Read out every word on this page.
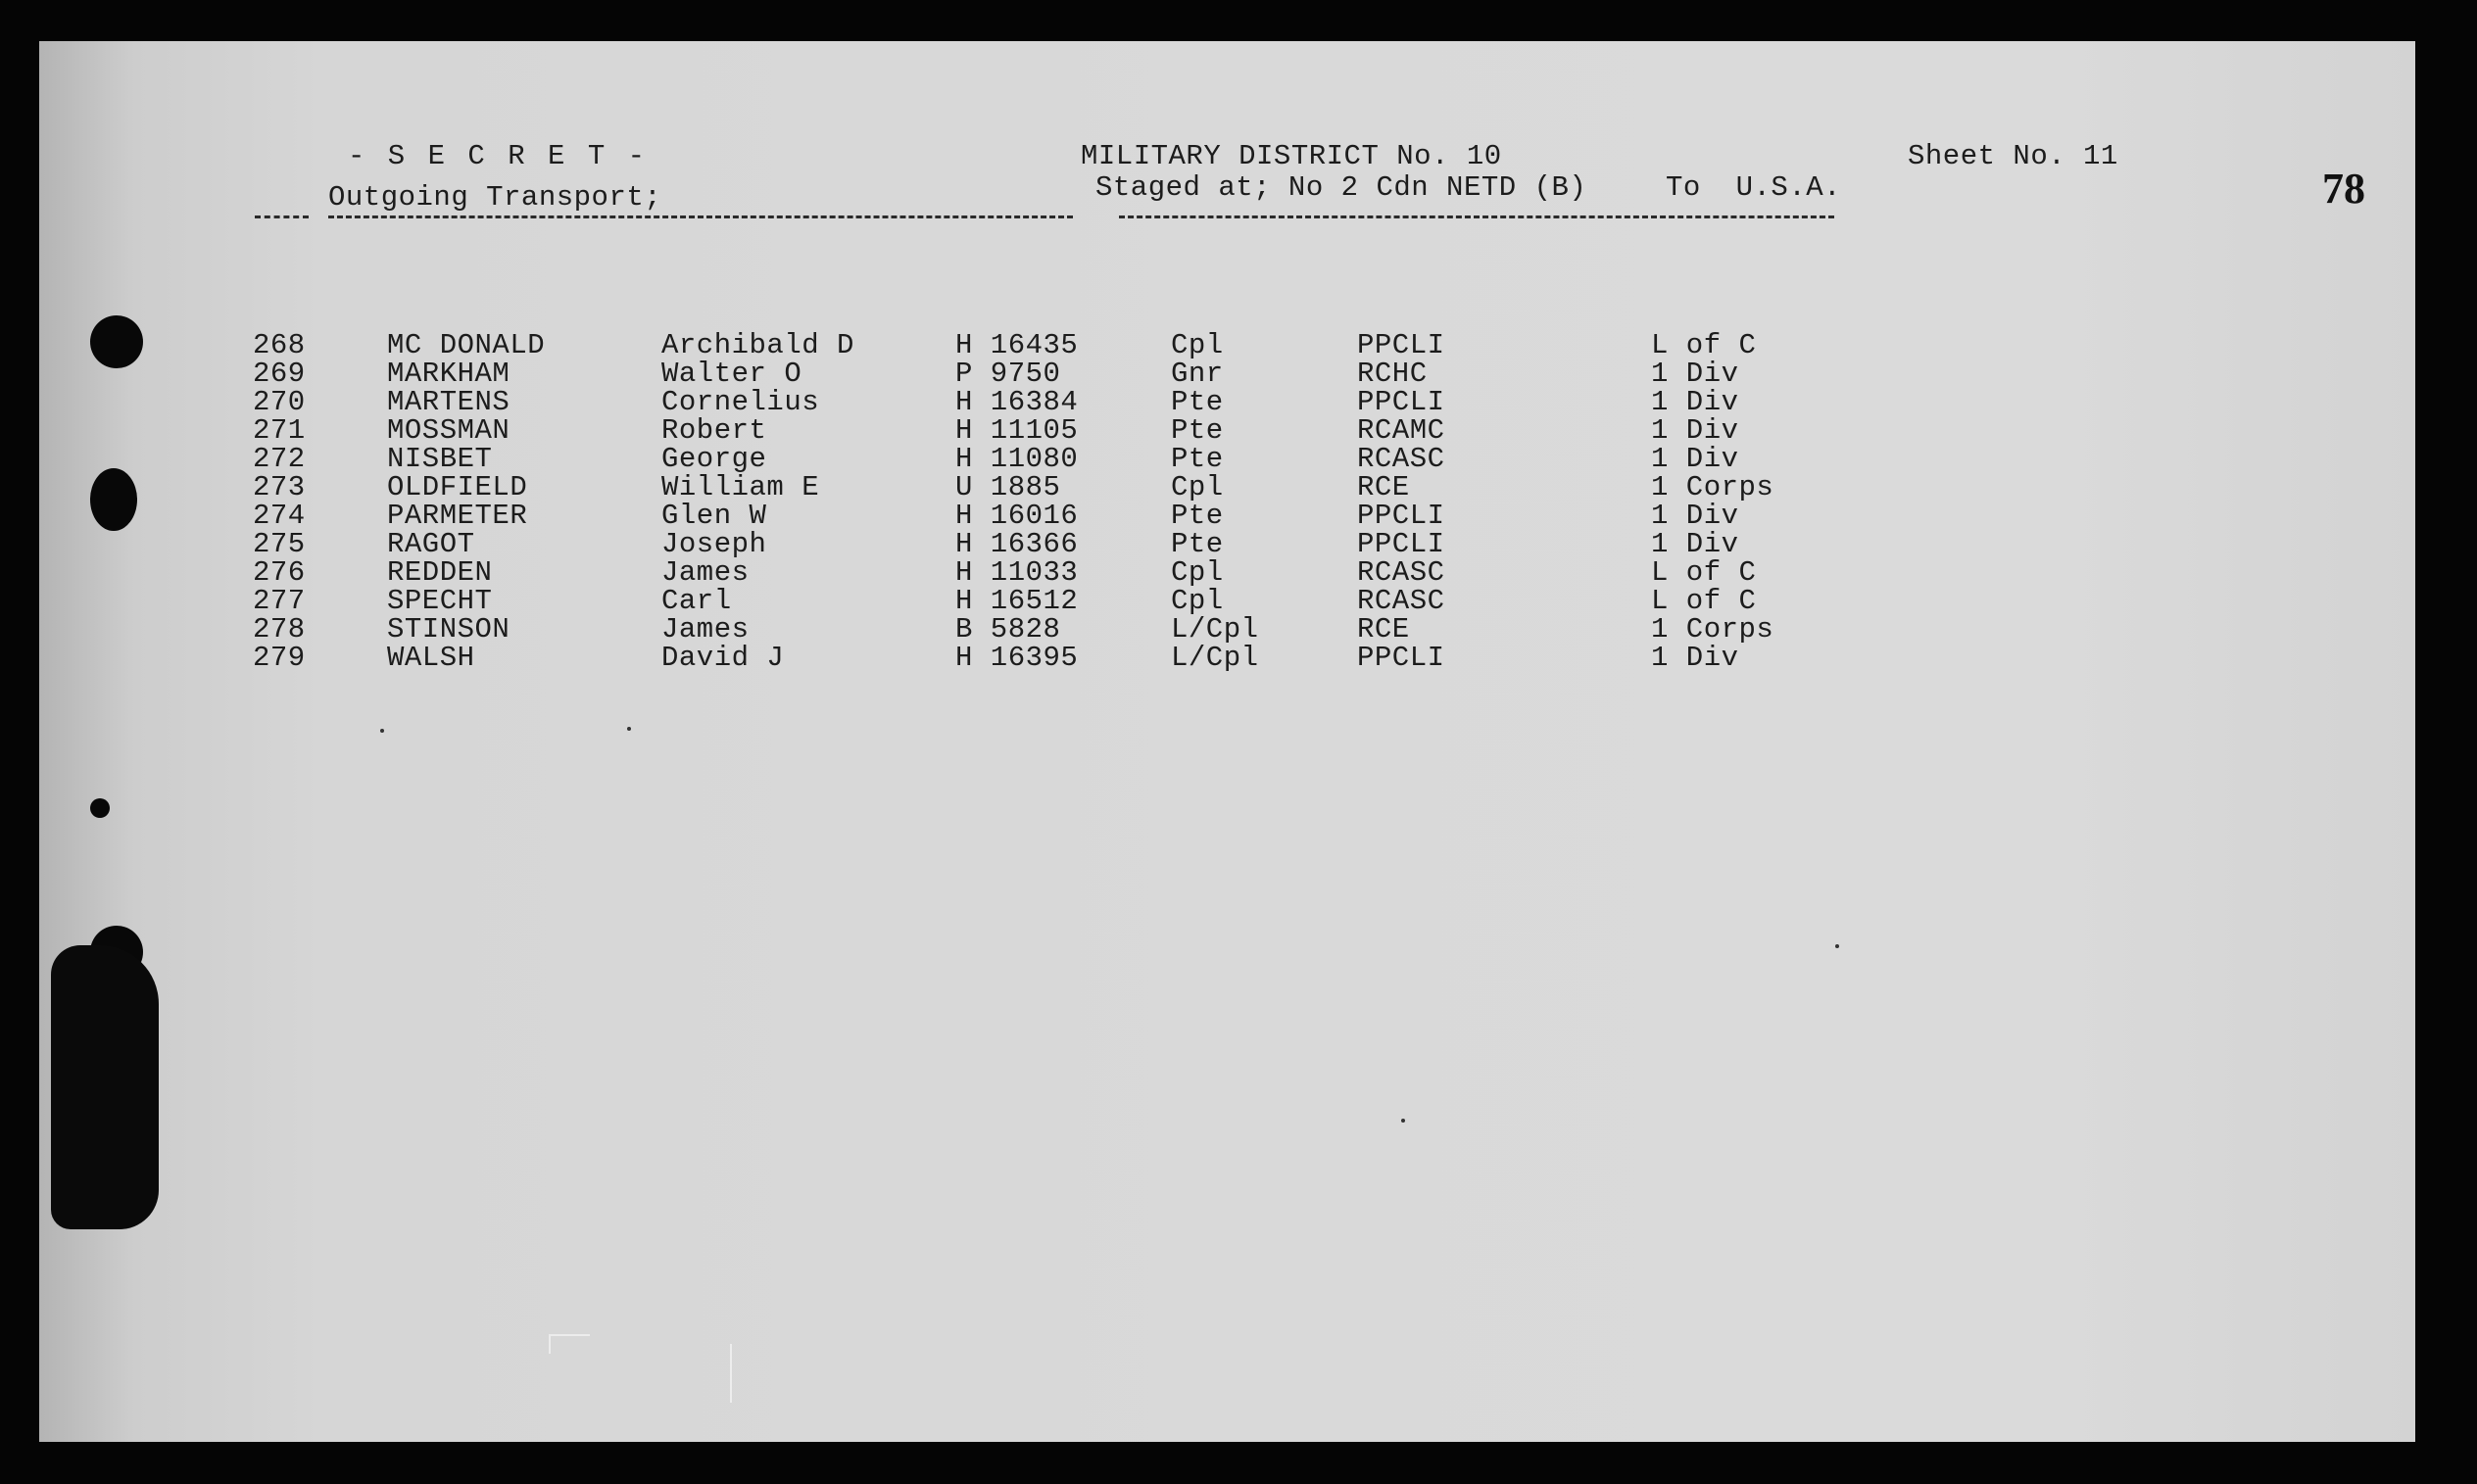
- S E C R E T -
Outgoing Transport;
MILITARY DISTRICT No. 10
Staged at; No 2 Cdn NETD (B)	To  U.S.A.
Sheet No. 11
78
268	MC DONALD	Archibald D	H 16435	Cpl	PPCLI	L of C
269	MARKHAM	Walter O	P 9750	Gnr	RCHC	1 Div
270	MARTENS	Cornelius	H 16384	Pte	PPCLI	1 Div
271	MOSSMAN	Robert	H 11105	Pte	RCAMC	1 Div
272	NISBET	George	H 11080	Pte	RCASC	1 Div
273	OLDFIELD	William E	U 1885	Cpl	RCE	1 Corps
274	PARMETER	Glen W	H 16016	Pte	PPCLI	1 Div
275	RAGOT	Joseph	H 16366	Pte	PPCLI	1 Div
276	REDDEN	James	H 11033	Cpl	RCASC	L of C
277	SPECHT	Carl	H 16512	Cpl	RCASC	L of C
278	STINSON	James	B 5828	L/Cpl	RCE	1 Corps
279	WALSH	David J	H 16395	L/Cpl	PPCLI	1 Div
